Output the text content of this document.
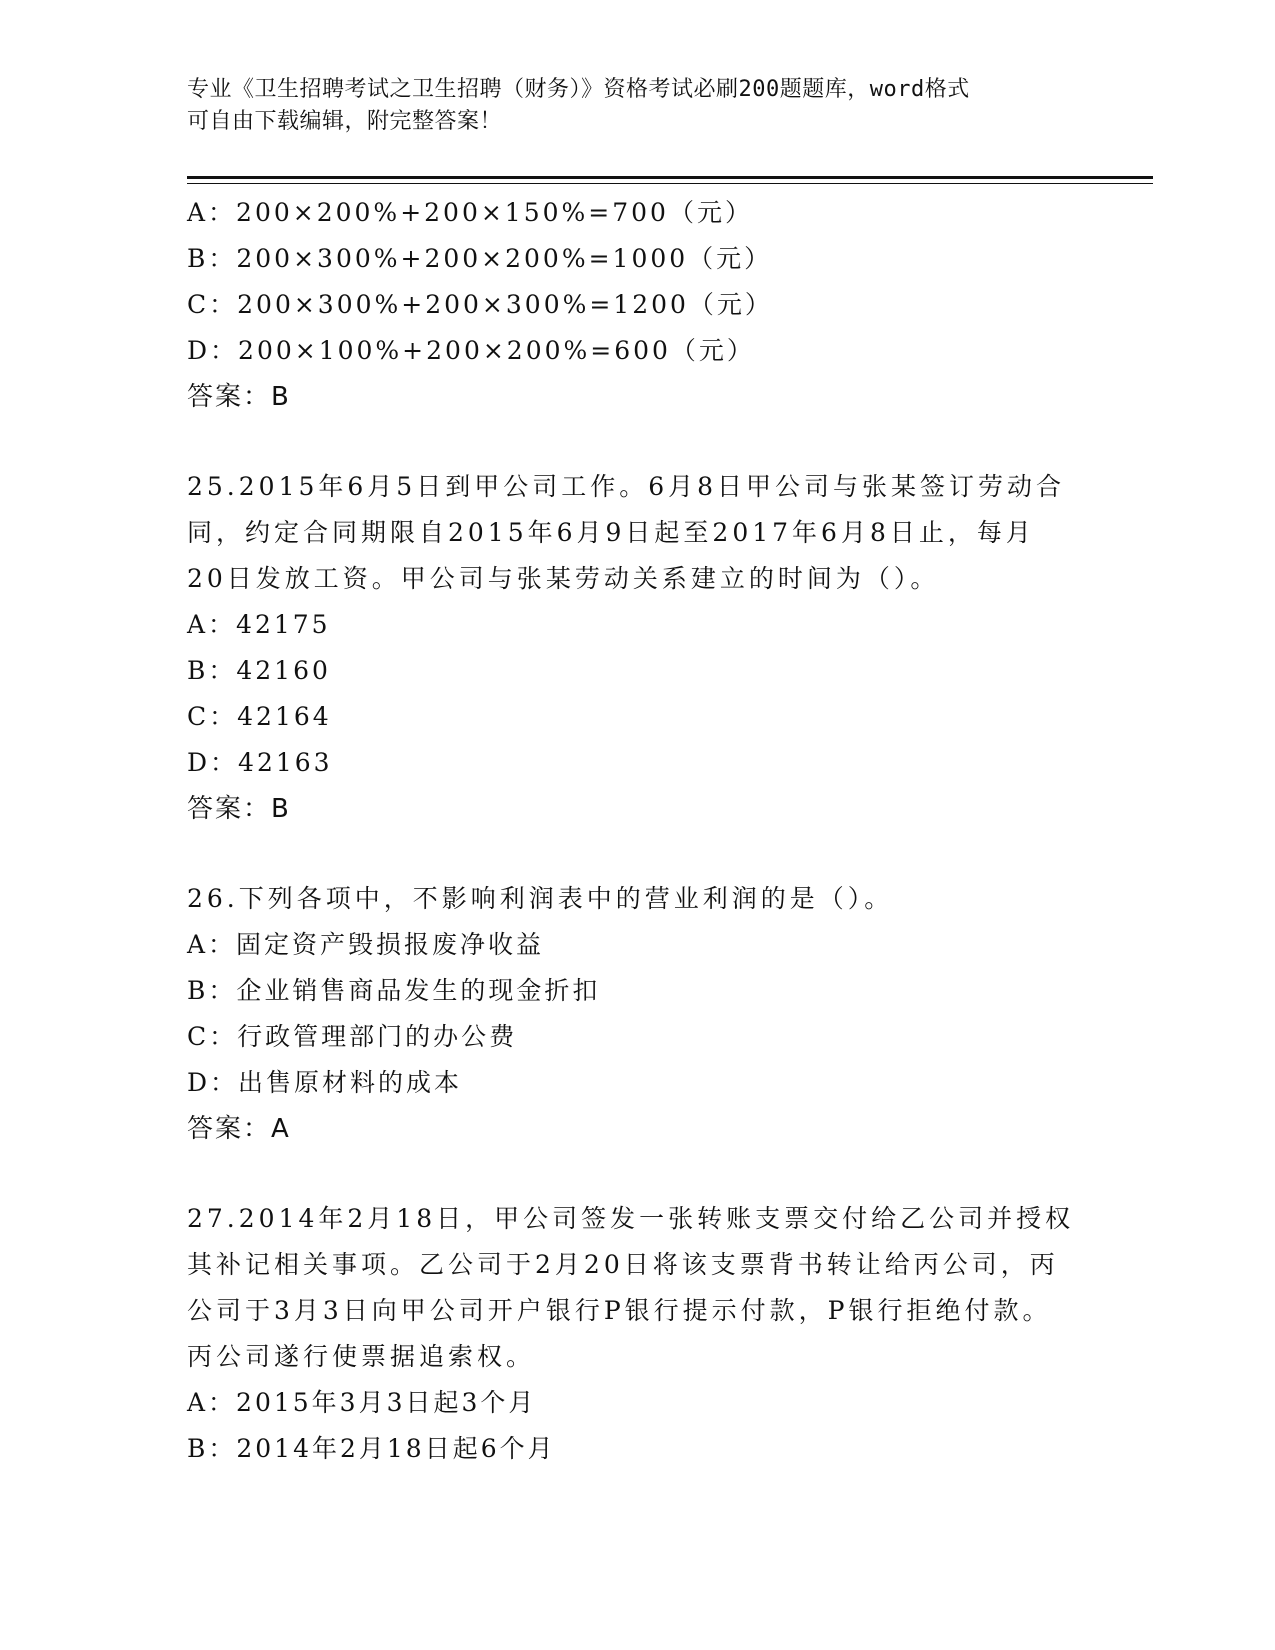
专业《卫生招聘考试之卫生招聘（财务）》资格考试必刷200题题库，word格式
可自由下载编辑，附完整答案！
A：200×200%+200×150%=700（元）
B：200×300%+200×200%=1000（元）
C：200×300%+200×300%=1200（元）
D：200×100%+200×200%=600（元）
答案：B
25.2015年6月5日到甲公司工作。6月8日甲公司与张某签订劳动合
同，约定合同期限自2015年6月9日起至2017年6月8日止，每月
20日发放工资。甲公司与张某劳动关系建立的时间为（）。
A：42175
B：42160
C：42164
D：42163
答案：B
26.下列各项中，不影响利润表中的营业利润的是（）。
A：固定资产毁损报废净收益
B：企业销售商品发生的现金折扣
C：行政管理部门的办公费
D：出售原材料的成本
答案：A
27.2014年2月18日，甲公司签发一张转账支票交付给乙公司并授权
其补记相关事项。乙公司于2月20日将该支票背书转让给丙公司，丙
公司于3月3日向甲公司开户银行P银行提示付款，P银行拒绝付款。
丙公司遂行使票据追索权。
A：2015年3月3日起3个月
B：2014年2月18日起6个月
